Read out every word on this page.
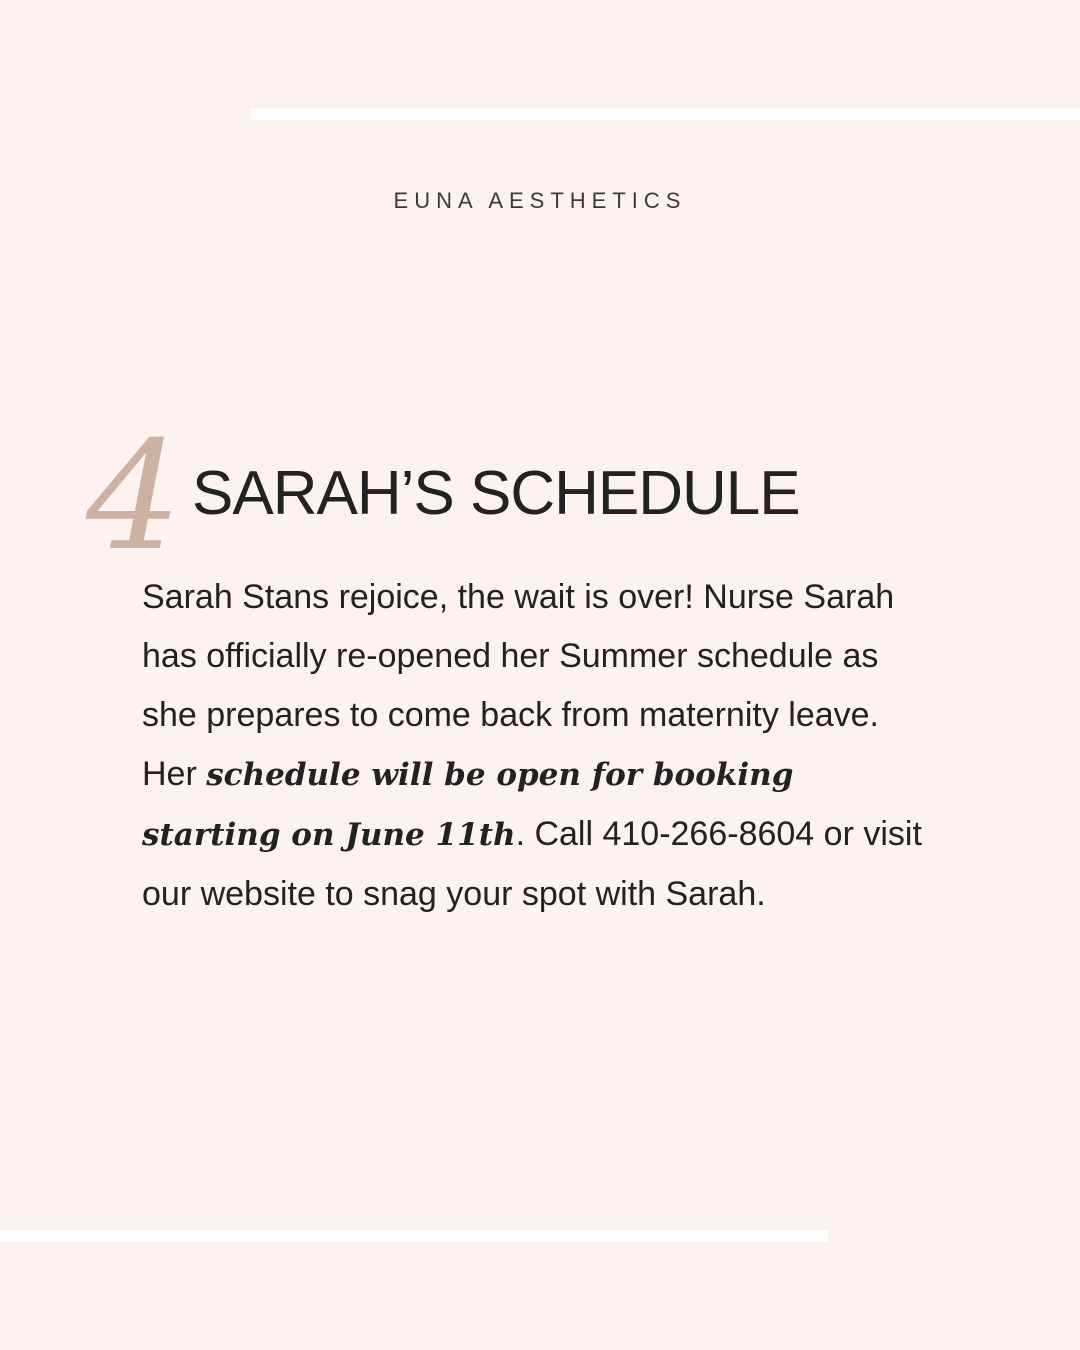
EUNA AESTHETICS
4 SARAH’S SCHEDULE

Sarah Stans rejoice, the wait is over! Nurse Sarah has officially re-opened her Summer schedule as she prepares to come back from maternity leave. Her schedule will be open for booking starting on June 11th. Call 410-266-8604 or visit our website to snag your spot with Sarah.
